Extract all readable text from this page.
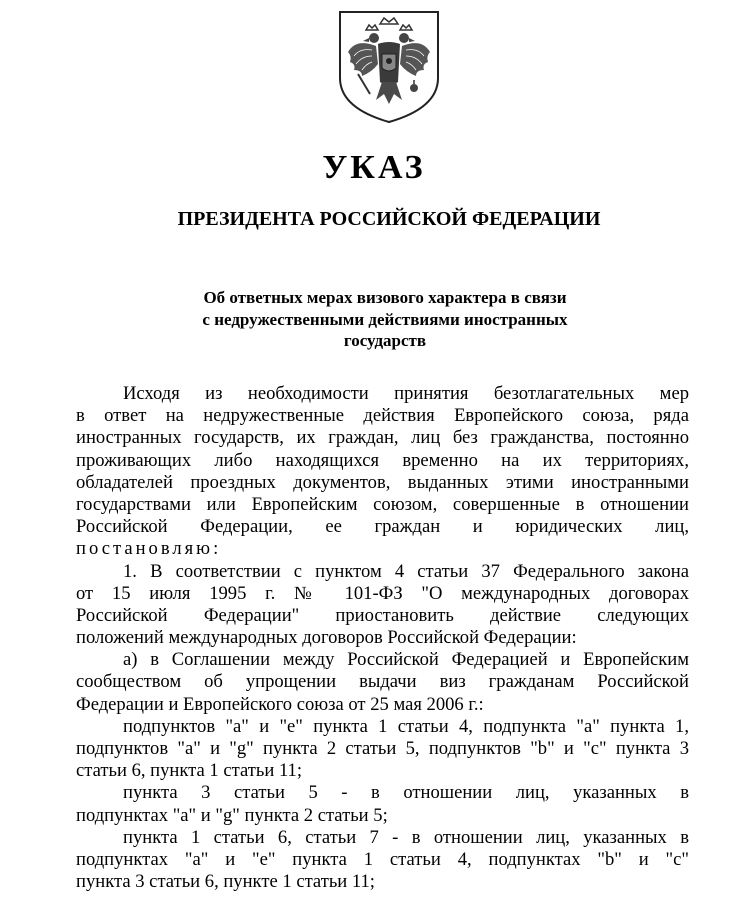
УКАЗ
ПРЕЗИДЕНТА РОССИЙСКОЙ ФЕДЕРАЦИИ
Об ответных мерах визового характера в связи
с недружественными действиями иностранных
государств
Исходя из необходимости принятия безотлагательных мер
в ответ на недружественные действия Европейского союза, ряда
иностранных государств, их граждан, лиц без гражданства, постоянно
проживающих либо находящихся временно на их территориях,
обладателей проездных документов, выданных этими иностранными
государствами или Европейским союзом, совершенные в отношении
Российской Федерации, ее граждан и юридических лиц,
постановляю:
1. В соответствии с пунктом 4 статьи 37 Федерального закона
от 15 июля 1995 г. № 101-ФЗ "О международных договорах
Российской Федерации" приостановить действие следующих
положений международных договоров Российской Федерации:
а) в Соглашении между Российской Федерацией и Европейским
сообществом об упрощении выдачи виз гражданам Российской
Федерации и Европейского союза от 25 мая 2006 г.:
подпунктов "a" и "e" пункта 1 статьи 4, подпункта "a" пункта 1,
подпунктов "a" и "g" пункта 2 статьи 5, подпунктов "b" и "c" пункта 3
статьи 6, пункта 1 статьи 11;
пункта 3 статьи 5 - в отношении лиц, указанных в
подпунктах "a" и "g" пункта 2 статьи 5;
пункта 1 статьи 6, статьи 7 - в отношении лиц, указанных в
подпунктах "a" и "e" пункта 1 статьи 4, подпунктах "b" и "c"
пункта 3 статьи 6, пункте 1 статьи 11;
